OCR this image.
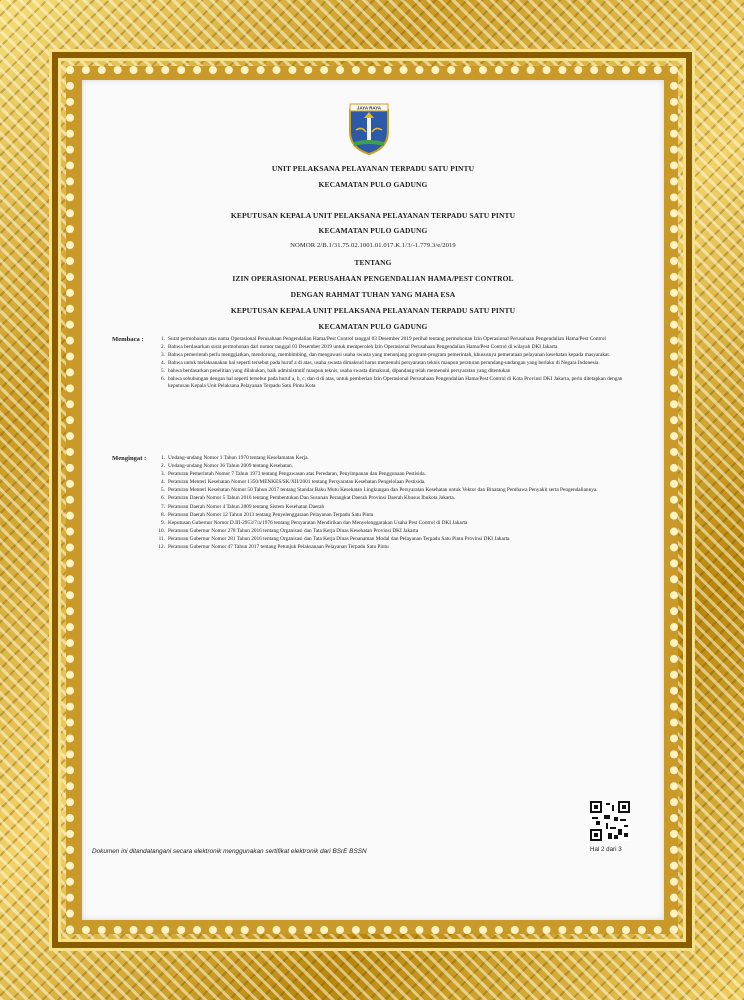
JAYA RAYA
UNIT PELAKSANA PELAYANAN TERPADU SATU PINTU
KECAMATAN PULO GADUNG
KEPUTUSAN KEPALA UNIT PELAKSANA PELAYANAN TERPADU SATU PINTU
KECAMATAN PULO GADUNG
NOMOR 2/B.1/31.75.02.1001.01.017.K.1/3/-1.779.3/e/2019
TENTANG
IZIN OPERASIONAL PERUSAHAAN PENGENDALIAN HAMA/PEST CONTROL
DENGAN RAHMAT TUHAN YANG MAHA ESA
KEPUTUSAN KEPALA UNIT PELAKSANA PELAYANAN TERPADU SATU PINTU
KECAMATAN PULO GADUNG
Membaca :	1. Surat permohonan atas nama Operasional Perusahaan Pengendalian Hama/Pest Control tanggal 03 Desember 2019 perihal tentang permohonan Izin Operasional Perusahaan Pengendalian Hama/Pest Control
2. Bahwa berdasarkan surat permohonan dari nomor tanggal 03 Desember 2019 untuk memperoleh Izin Operasional Perusahaan Pengendalian Hama/Pest Control di wilayah DKI Jakarta
3. Bahwa pemerintah perlu menggiatkan, mendorong, membimbing, dan mengawasi usaha swasta yang menunjang program-program pemerintah, khususnya pemerataan pelayanan kesehatan kepada masyarakat.
4. Bahwa untuk melaksanakan hal seperti tersebut pada huruf a di atas, usaha swasta dimaksud harus memenuhi persyaratan teknis maupun peraturan perundang-undangan yang berlaku di Negara Indonesia.
5. bahwa berdasarkan penelitian yang dilakukan, baik administratif maupun teknis, usaha swasta dimaksud, dipandang telah memenuhi persyaratan yang ditentukan
6. bahwa sehubungan dengan hal seperti tersebut pada huruf a, b, c, dan d di atas, untuk pemberian Izin Operasional Perusahaan Pengendalian Hama/Pest Control di Kota Provinsi DKI Jakarta, perlu ditetapkan dengan keputusan Kepala Unit Pelaksana Pelayanan Terpadu Satu Pintu Kota
Mengingat :	1. Undang-undang Nomor 1 Tahun 1970 tentang Keselamatan Kerja.
2. Undang-undang Nomor 36 Tahun 2009 tentang Kesehatan.
3. Peraturan Pemerintah Nomor 7 Tahun 1973 tentang Pengawasan atas Peredaran, Penyimpanan dan Penggunaan Pestisida.
4. Peraturan Menteri Kesehatan Nomor 1350/MENKES/SK/XII/2001 tentang Persyaratan Kesehatan Pengelolaan Pestisida.
5. Peraturan Menteri Kesehatan Nomor 50 Tahun 2017 tentang Standar Baku Mutu Kesehatan Lingkungan dan Persyaratan Kesehatan untuk Vektor dan Binatang Pembawa Penyakit serta Pengendaliannya.
6. Peraturan Daerah Nomor 5 Tahun 2016 tentang Pembentukan Dan Susunan Perangkat Daerah Provinsi Daerah Khusus Ibukota Jakarta.
7. Peraturan Daerah Nomor 4 Tahun 2009 tentang Sistem Kesehatan Daerah
8. Peraturan Daerah Nomor 12 Tahun 2013 tentang Penyelenggaraan Pelayanan Terpadu Satu Pintu
9. Keputusan Gubernur Nomor D.III-2953/7/a/1976 tentang Persyaratan Mendirikan dan Menyelenggarakan Usaha Pest Control di DKI Jakarta
10. Peraturan Gubernur Nomor 278 Tahun 2016 tentang Organisasi dan Tata Kerja Dinas Kesehatan Provinsi DKI Jakarta
11. Peraturan Gubernur Nomor 281 Tahun 2016 tentang Organisasi dan Tata Kerja Dinas Penanaman Modal dan Pelayanan Terpadu Satu Pintu Provinsi DKI Jakarta
12. Peraturan Gubernur Nomor 47 Tahun 2017 tentang Petunjuk Pelaksanaan Pelayanan Terpadu Satu Pintu
Hal 2 dari 3
Dokumen ini ditandatangani secara elektronik menggunakan sertifikat elektronik dari BSrE BSSN
